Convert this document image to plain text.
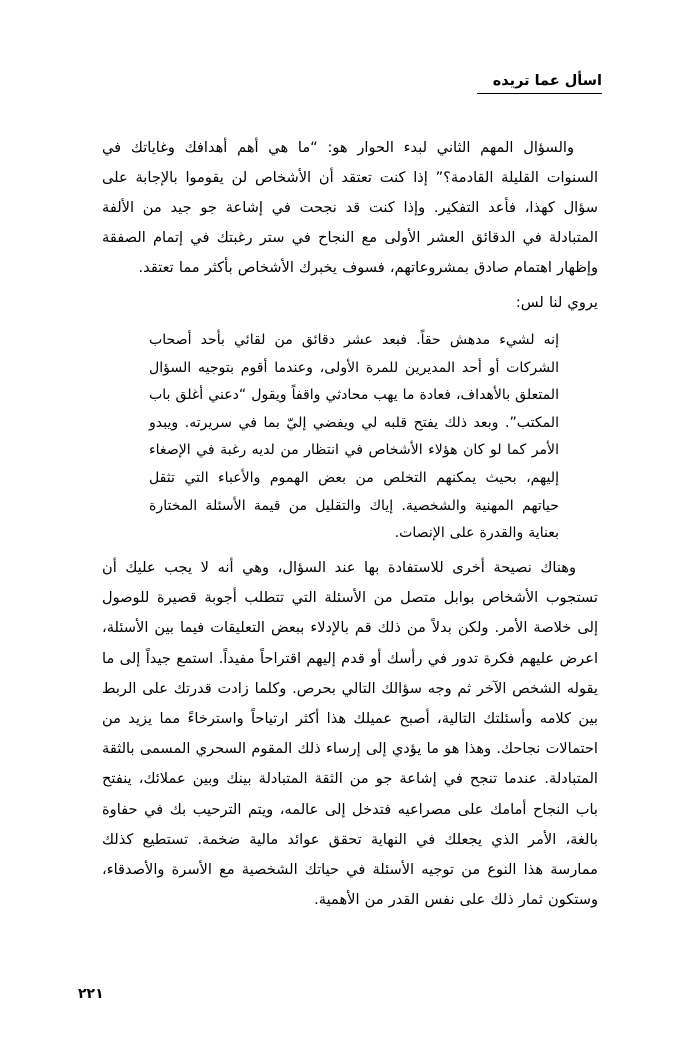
اسأل عما تريده

والسؤال المهم الثاني لبدء الحوار هو: “ما هي أهم أهدافك وغاياتك في السنوات القليلة القادمة؟” إذا كنت تعتقد أن الأشخاص لن يقوموا بالإجابة على سؤال كهذا، فأعد التفكير. وإذا كنت قد نجحت في إشاعة جو جيد من الألفة المتبادلة في الدقائق العشر الأولى مع النجاح في ستر رغبتك في إتمام الصفقة وإظهار اهتمام صادق بمشروعاتهم، فسوف يخبرك الأشخاص بأكثر مما تعتقد.

يروي لنا لس:

إنه لشيء مدهش حقاً. فبعد عشر دقائق من لقائي بأحد أصحاب الشركات أو أحد المديرين للمرة الأولى، وعندما أقوم بتوجيه السؤال المتعلق بالأهداف، فعادة ما يهب محادثي واقفاً ويقول “دعني أغلق باب المكتب”. وبعد ذلك يفتح قلبه لي ويفضي إليّ بما في سريرته. ويبدو الأمر كما لو كان هؤلاء الأشخاص في انتظار من لديه رغبة في الإصغاء إليهم، بحيث يمكنهم التخلص من بعض الهموم والأعباء التي تثقل حياتهم المهنية والشخصية. إياك والتقليل من قيمة الأسئلة المختارة بعناية والقدرة على الإنصات.

وهناك نصيحة أخرى للاستفادة بها عند السؤال، وهي أنه لا يجب عليك أن تستجوب الأشخاص بوابل متصل من الأسئلة التي تتطلب أجوبة قصيرة للوصول إلى خلاصة الأمر. ولكن بدلاً من ذلك قم بالإدلاء ببعض التعليقات فيما بين الأسئلة، اعرض عليهم فكرة تدور في رأسك أو قدم إليهم اقتراحاً مفيداً. استمع جيداً إلى ما يقوله الشخص الآخر ثم وجه سؤالك التالي بحرص. وكلما زادت قدرتك على الربط بين كلامه وأسئلتك التالية، أصبح عميلك هذا أكثر ارتياحاً واسترخاءً مما يزيد من احتمالات نجاحك. وهذا هو ما يؤدي إلى إرساء ذلك المقوم السحري المسمى بالثقة المتبادلة. عندما تنجح في إشاعة جو من الثقة المتبادلة بينك وبين عملائك، ينفتح باب النجاح أمامك على مصراعيه فتدخل إلى عالمه، ويتم الترحيب بك في حفاوة بالغة، الأمر الذي يجعلك في النهاية تحقق عوائد مالية ضخمة. تستطيع كذلك ممارسة هذا النوع من توجيه الأسئلة في حياتك الشخصية مع الأسرة والأصدقاء، وستكون ثمار ذلك على نفس القدر من الأهمية.

٢٢١
